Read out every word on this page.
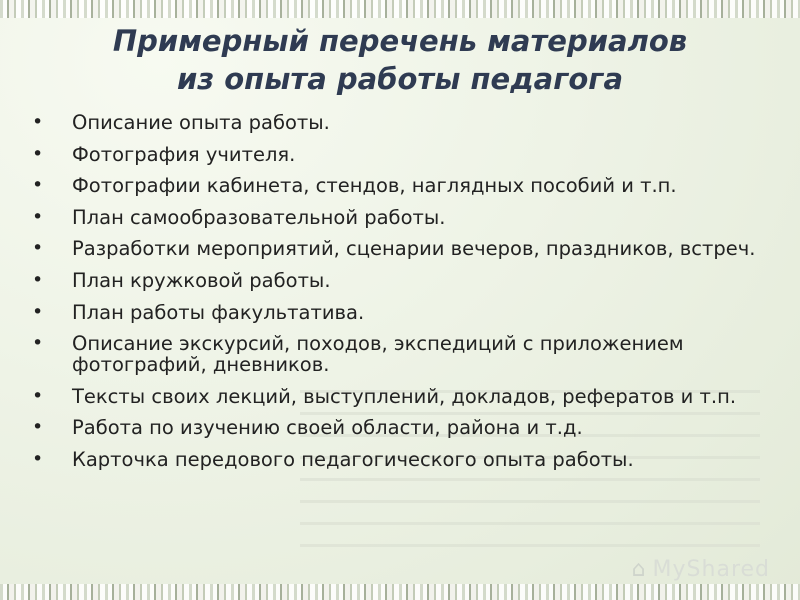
Примерный перечень материалов
из опыта работы педагога
• Описание опыта работы.
• Фотография учителя.
• Фотографии кабинета, стендов, наглядных пособий и т.п.
• План самообразовательной работы.
• Разработки мероприятий, сценарии вечеров, праздников, встреч.
• План кружковой работы.
• План работы факультатива.
• Описание экскурсий, походов, экспедиций с приложением фотографий, дневников.
• Тексты своих лекций, выступлений, докладов, рефератов и т.п.
• Работа по изучению своей области, района и т.д.
• Карточка передового педагогического опыта работы.
⌂ MyShared
